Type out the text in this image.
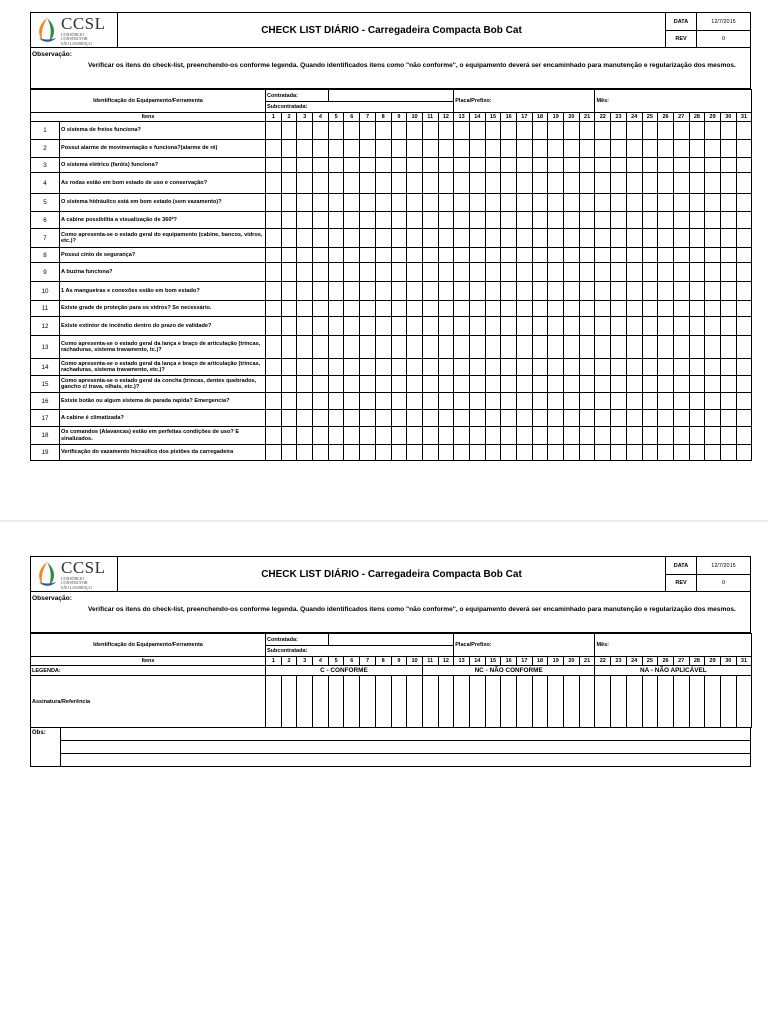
CCSL
CONSÓRCIO
CONSTRUTOR
SÃO LOURENÇO
CHECK LIST DIÁRIO - Carregadeira Compacta Bob Cat
DATA	12/7/2015
REV	0
Observação:
Verificar os itens do check-list, preenchendo-os conforme legenda. Quando identificados itens como "não conforme", o equipamento deverá ser encaminhado para manutenção e regularização dos mesmos.
Identificação do Equipamento/Ferramenta		Contratada:												Placa/Prefixo:									Mês:									
		Subcontratada:																														
Itens		1	2	3	4	5	6	7	8	9	10	11	12	13	14	15	16	17	18	19	20	21	22	23	24	25	26	27	28	29	30	31
1	O sistema de freios funciona?																															
2	Possui alarme de movimentação e funciona?(alarme de ré)																															
3	O sistema elétrico (faróis) funciona?																															
4	As rodas estão em bom estado de uso e conservação?																															
5	O sistema hidráulico está em bom estado (sem vazamento)?																															
6	A cabine possibilita a visualização de 360º?																															
7	Como apresenta-se o estado geral do equipamento (cabine, bancos, vidros, etc.)?																															
8	Possui cinto de segurança?																															
9	A buzina funciona?																															
10	1 As mangueiras e conexões estão em bom estado?																															
11	Existe grade de proteção para os vidros? Se necessário.																															
12	Existe extintor de incêndio dentro do prazo de validade?																															
13	Como apresenta-se o estado geral da lança e braço de articulação (trincas, rachaduras, sistema travamento, tc.)?																															
14	Como apresenta-se o estado geral da lança e braço de articulação (trincas, rachaduras, sistema travamento, etc.)?																															
15	Como apresenta-se o estado geral da concha (trincas, dentes quebrados, gancho c/ trava, olhais, etc.)?																															
16	Existe botão ou algum sistema de parada rapida? Emergencia?																															
17	A cabine é climatizada?																															
18	Os comandos (Alavancas) estão em perfeitas condições de uso? E sinalizados.																															
19	Verificação do vazamento hicraúlico dos pistões da carregadeira																															
CCSL
CONSÓRCIO
CONSTRUTOR
SÃO LOURENÇO
CHECK LIST DIÁRIO - Carregadeira Compacta Bob Cat
DATA	12/7/2015
REV	0
Observação:
Verificar os itens do check-list, preenchendo-os conforme legenda. Quando identificados itens como "não conforme", o equipamento deverá ser encaminhado para manutenção e regularização dos mesmos.
Identificação do Equipamento/Ferramenta	Contratada:												Placa/Prefixo:									Mês:									
	Subcontratada:																														
Itens	1	2	3	4	5	6	7	8	9	10	11	12	13	14	15	16	17	18	19	20	21	22	23	24	25	26	27	28	29	30	31
LEGENDA:	C - CONFORME										NC - NÃO CONFORME											NA - NÃO APLICÁVEL									
Assinatura/Referência																															
Obs:
